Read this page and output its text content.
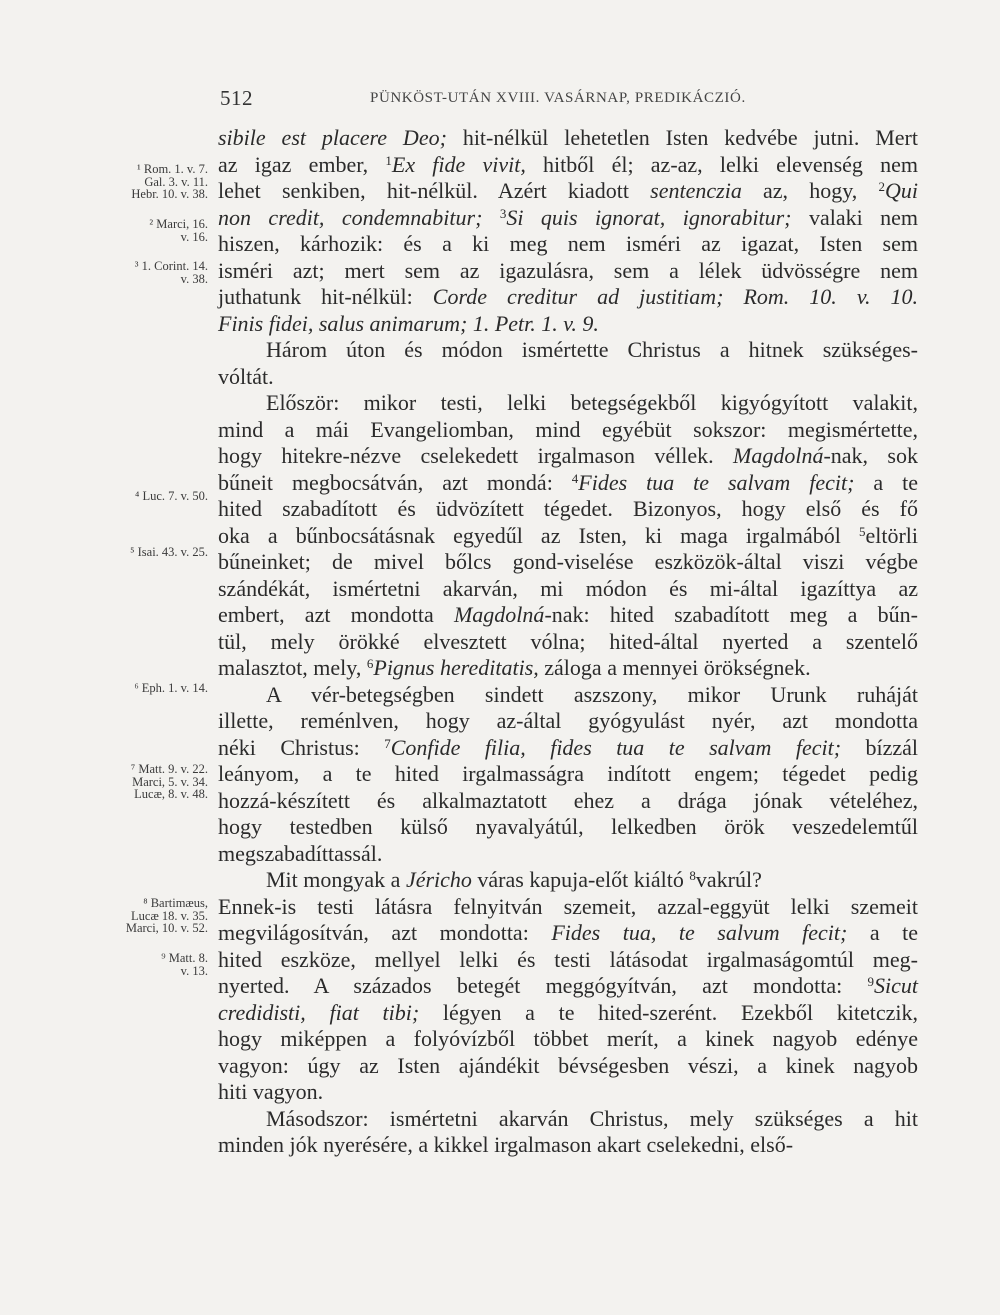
512	PÜNKÖST-UTÁN XVIII. VASÁRNAP, PREDIKÁCZIÓ.
¹ Rom. 1. v. 7.
Gal. 3. v. 11.
Hebr. 10. v. 38.
² Marci, 16.
v. 16.
³ 1. Corint. 14.
v. 38.
⁴ Luc. 7. v. 50.
⁵ Isai. 43. v. 25.
⁶ Eph. 1. v. 14.
⁷ Matt. 9. v. 22.
Marci, 5. v. 34.
Lucæ, 8. v. 48.
⁸ Bartimæus,
Lucæ 18. v. 35.
Marci, 10. v. 52.
⁹ Matt. 8.
v. 13.
sibile est placere Deo; hit-nélkül lehetetlen Isten kedvébe jutni. Mert
az igaz ember, $^1$Ex fide vivit, hitből él; az-az, lelki elevenség nem
lehet senkiben, hit-nélkül. Azért kiadott sentenczia az, hogy, $^2$Qui
non credit, condemnabitur; $^3$Si quis ignorat, ignorabitur; valaki nem
hiszen, kárhozik: és a ki meg nem isméri az igazat, Isten sem
isméri azt; mert sem az igazulásra, sem a lélek üdvösségre nem
juthatunk hit-nélkül: Corde creditur ad justitiam; Rom. 10. v. 10.
Finis fidei, salus animarum; 1. Petr. 1. v. 9.
Három úton és módon ismértette Christus a hitnek szükséges-
vóltát.
Először: mikor testi, lelki betegségekből kigyógyított valakit,
mind a mái Evangeliomban, mind egyébüt sokszor: megismértette,
hogy hitekre-nézve cselekedett irgalmason véllek. Magdolná-nak, sok
bűneit megbocsátván, azt mondá: $^4$Fides tua te salvam fecit; a te
hited szabadított és üdvözített tégedet. Bizonyos, hogy első és fő
oka a bűnbocsátásnak egyedűl az Isten, ki maga irgalmából $^5$eltörli
bűneinket; de mivel bőlcs gond-viselése eszközök-által viszi végbe
szándékát, ismértetni akarván, mi módon és mi-által igazíttya az
embert, azt mondotta Magdolná-nak: hited szabadított meg a bűn-
tül, mely örökké elvesztett vólna; hited-által nyerted a szentelő
malasztot, mely, $^6$Pignus hereditatis, záloga a mennyei örökségnek.
A vér-betegségben sindett aszszony, mikor Urunk ruháját
illette, reménlven, hogy az-által gyógyulást nyér, azt mondotta
néki Christus: $^7$Confide filia, fides tua te salvam fecit; bízzál
leányom, a te hited irgalmasságra indított engem; tégedet pedig
hozzá-készített és alkalmaztatott ehez a drága jónak vételéhez,
hogy testedben külső nyavalyátúl, lelkedben örök veszedelemtűl
megszabadíttassál.
Mit mongyak a Jéricho váras kapuja-előt kiáltó $^8$vakrúl?
Ennek-is testi látásra felnyitván szemeit, azzal-eggyüt lelki szemeit
megvilágosítván, azt mondotta: Fides tua, te salvum fecit; a te
hited eszköze, mellyel lelki és testi látásodat irgalmaságomtúl meg-
nyerted. A százados betegét meggógyítván, azt mondotta: $^9$Sicut
credidisti, fiat tibi; légyen a te hited-szerént. Ezekből kitetczik,
hogy miképpen a folyóvízből többet merít, a kinek nagyob edénye
vagyon: úgy az Isten ajándékit bévségesben vészi, a kinek nagyob
hiti vagyon.
Másodszor: ismértetni akarván Christus, mely szükséges a hit
minden jók nyerésére, a kikkel irgalmason akart cselekedni, első-
